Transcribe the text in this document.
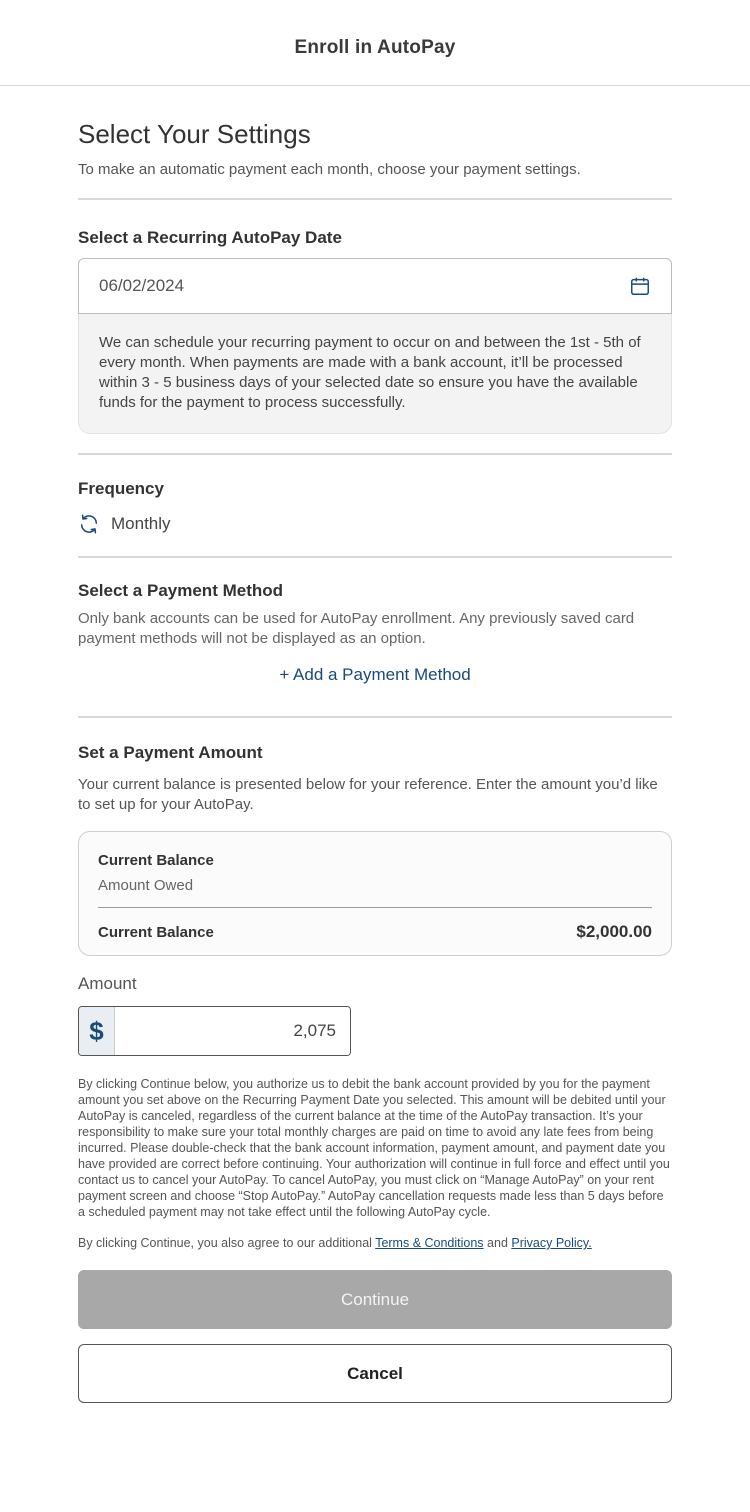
Enroll in AutoPay
Select Your Settings

To make an automatic payment each month, choose your payment settings.

Select a Recurring AutoPay Date
06/02/2024
We can schedule your recurring payment to occur on and between the 1st - 5th of every month. When payments are made with a bank account, it’ll be processed within 3 - 5 business days of your selected date so ensure you have the available funds for the payment to process successfully.
Frequency
Monthly
Select a Payment Method

Only bank accounts can be used for AutoPay enrollment. Any previously saved card payment methods will not be displayed as an option.

+ Add a Payment Method
Set a Payment Amount

Your current balance is presented below for your reference. Enter the amount you’d like to set up for your AutoPay.

Current Balance
Amount Owed
Current Balance	$2,000.00
Amount
$
2,075

By clicking Continue below, you authorize us to debit the bank account provided by you for the payment amount you set above on the Recurring Payment Date you selected. This amount will be debited until your AutoPay is canceled, regardless of the current balance at the time of the AutoPay transaction. It’s your responsibility to make sure your total monthly charges are paid on time to avoid any late fees from being incurred. Please double-check that the bank account information, payment amount, and payment date you have provided are correct before continuing. Your authorization will continue in full force and effect until you contact us to cancel your AutoPay. To cancel AutoPay, you must click on “Manage AutoPay” on your rent payment screen and choose “Stop AutoPay.” AutoPay cancellation requests made less than 5 days before a scheduled payment may not take effect until the following AutoPay cycle.

By clicking Continue, you also agree to our additional Terms & Conditions and Privacy Policy.

Continue
Cancel
